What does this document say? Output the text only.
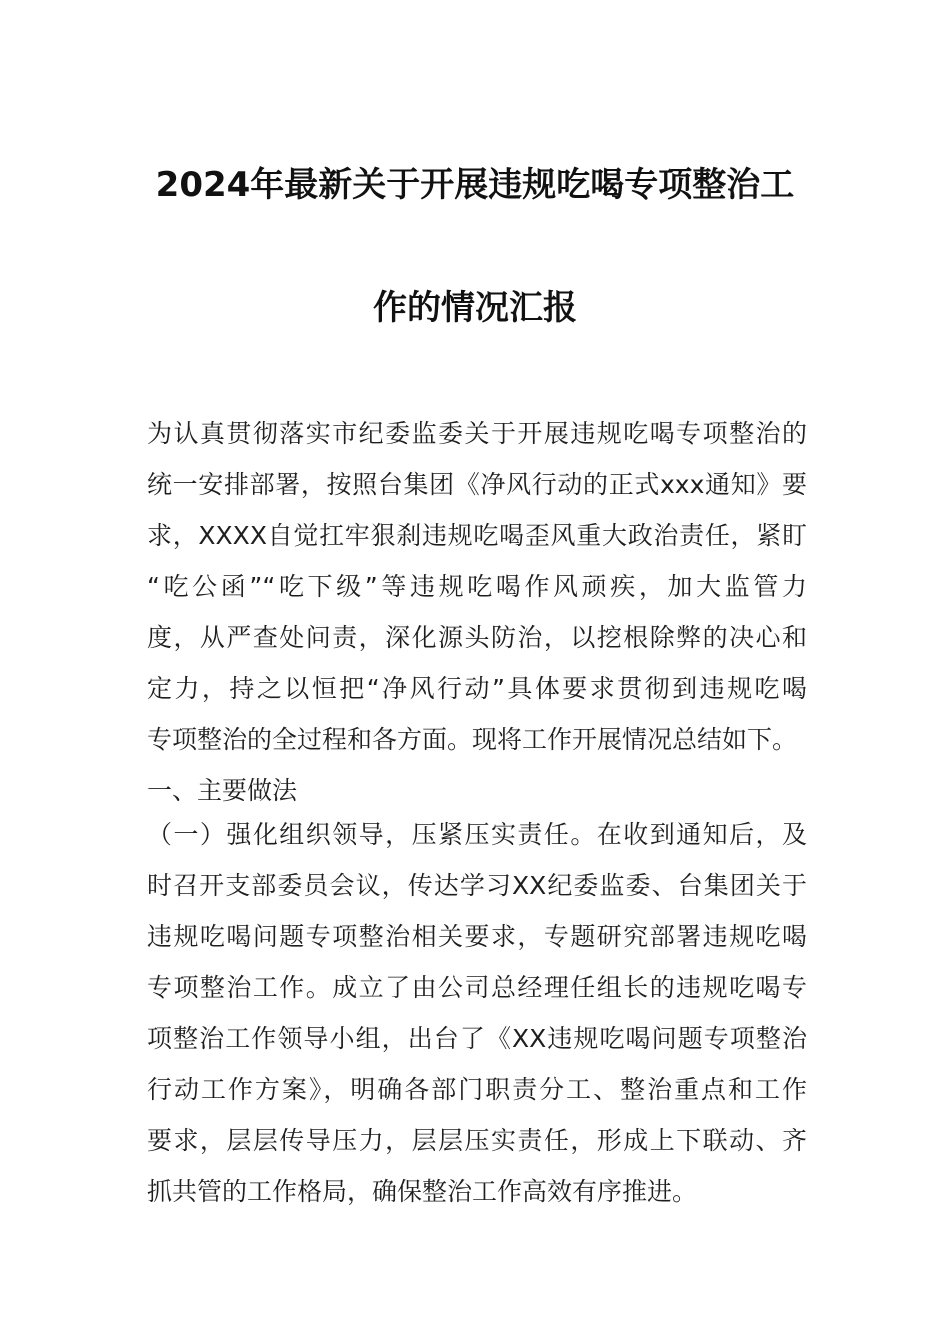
2024年最新关于开展违规吃喝专项整治工
作的情况汇报
为认真贯彻落实市纪委监委关于开展违规吃喝专项整治的
统一安排部署，按照台集团《净风行动的正式xxx通知》要
求，XXXX自觉扛牢狠刹违规吃喝歪风重大政治责任，紧盯
“吃公函”“吃下级”等违规吃喝作风顽疾，加大监管力
度，从严查处问责，深化源头防治，以挖根除弊的决心和
定力，持之以恒把“净风行动”具体要求贯彻到违规吃喝
专项整治的全过程和各方面。现将工作开展情况总结如下。
一、主要做法
（一）强化组织领导，压紧压实责任。在收到通知后，及
时召开支部委员会议，传达学习XX纪委监委、台集团关于
违规吃喝问题专项整治相关要求，专题研究部署违规吃喝
专项整治工作。成立了由公司总经理任组长的违规吃喝专
项整治工作领导小组，出台了《XX违规吃喝问题专项整治
行动工作方案》，明确各部门职责分工、整治重点和工作
要求，层层传导压力，层层压实责任，形成上下联动、齐
抓共管的工作格局，确保整治工作高效有序推进。
